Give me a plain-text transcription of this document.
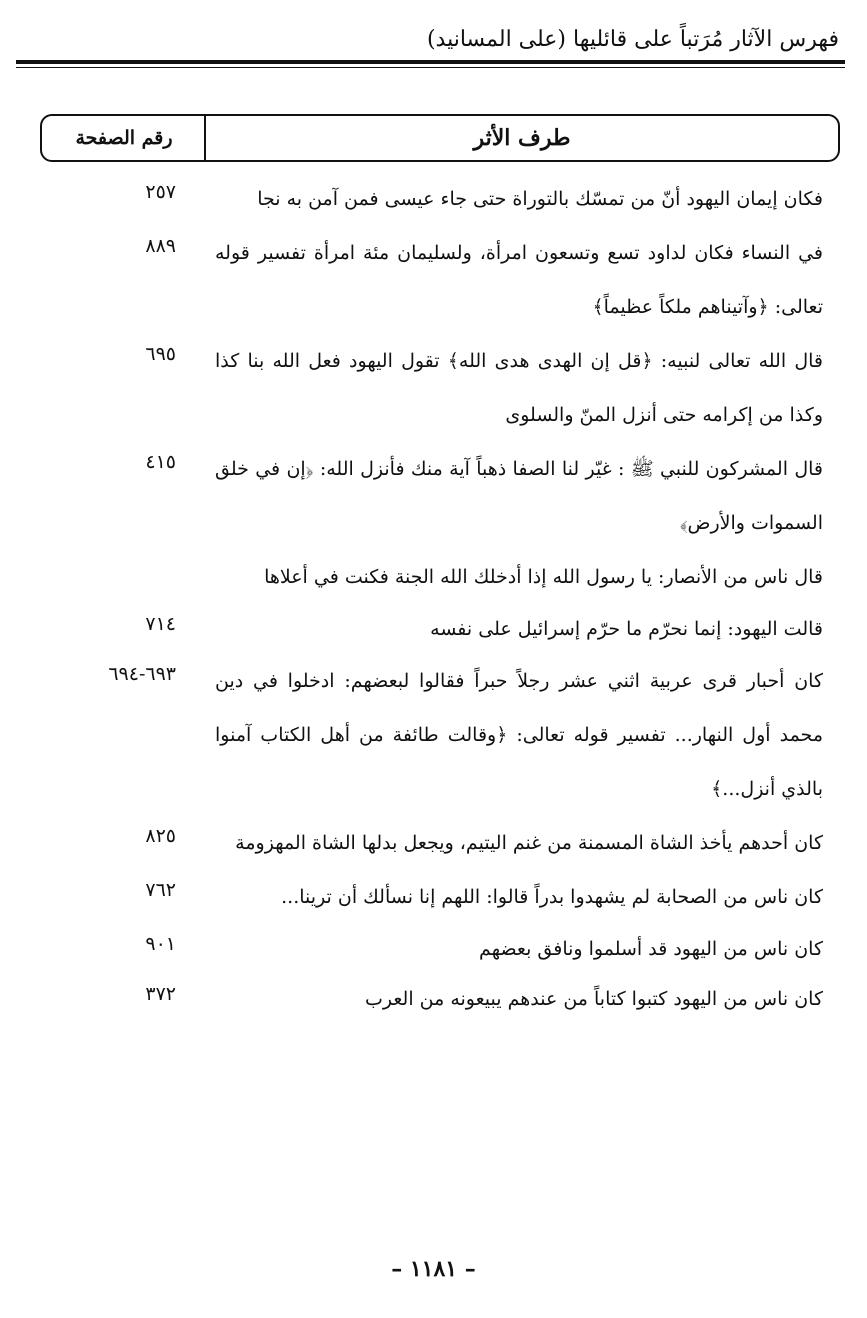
فهرس الآثار مُرَتباً على قائليها (على المسانيد)
طرف الأثر
رقم الصفحة
فكان إيمان اليهود أنّ من تمسّك بالتوراة حتى جاء عيسى فمن آمن به نجا
٢٥٧
في النساء فكان لداود تسع وتسعون امرأة، ولسليمان مئة امرأة تفسير قوله تعالى: ﴿وآتيناهم ملكاً عظيماً﴾
٨٨٩
قال الله تعالى لنبيه: ﴿قل إن الهدى هدى الله﴾ تقول اليهود فعل الله بنا كذا وكذا من إكرامه حتى أنزل المنّ والسلوى
٦٩٥
قال المشركون للنبي ﷺ : غيّر لنا الصفا ذهباً آية منك فأنزل الله: ﴿إن في خلق السموات والأرض﴾
٤١٥
قال ناس من الأنصار: يا رسول الله إذا أدخلك الله الجنة فكنت في أعلاها
قالت اليهود: إنما نحرّم ما حرّم إسرائيل على نفسه
٧١٤
كان أحبار قرى عربية اثني عشر رجلاً حبراً فقالوا لبعضهم: ادخلوا في دين محمد أول النهار... تفسير قوله تعالى: ﴿وقالت طائفة من أهل الكتاب آمنوا بالذي أنزل...﴾
٦٩٣-٦٩٤
كان أحدهم يأخذ الشاة المسمنة من غنم اليتيم، ويجعل بدلها الشاة المهزومة
٨٢٥
كان ناس من الصحابة لم يشهدوا بدراً قالوا: اللهم إنا نسألك أن ترينا...
٧٦٢
كان ناس من اليهود قد أسلموا ونافق بعضهم
٩٠١
كان ناس من اليهود كتبوا كتاباً من عندهم يبيعونه من العرب
٣٧٢
– ١١٨١ –
